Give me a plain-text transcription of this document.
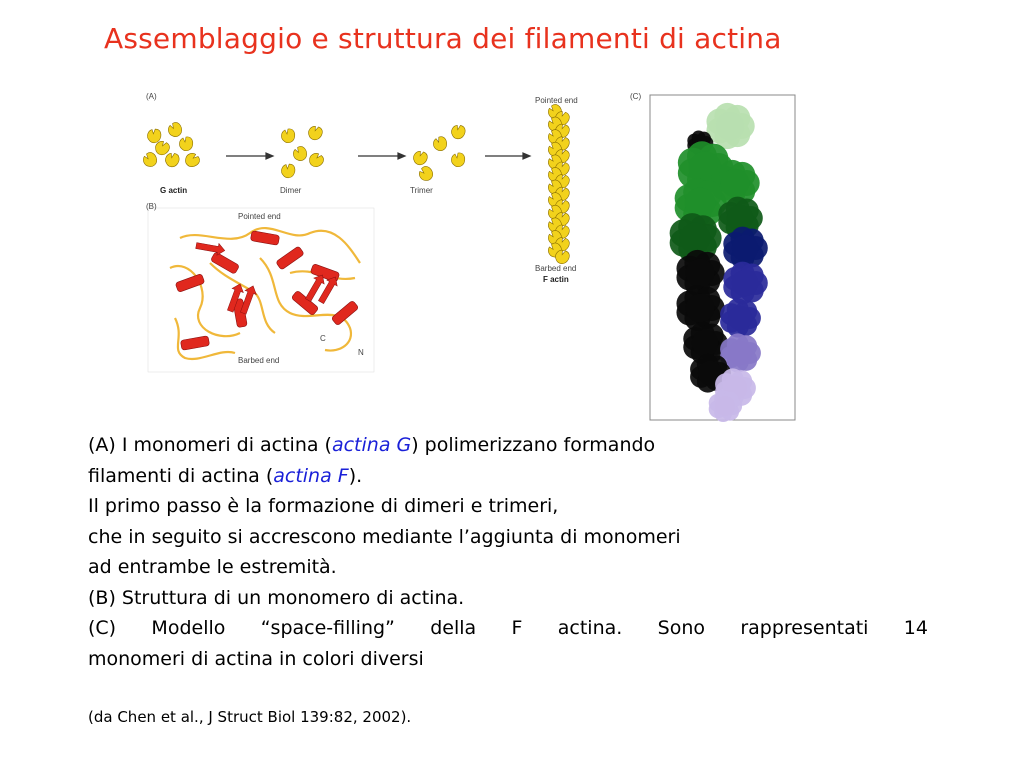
Assemblaggio e struttura dei filamenti di actina
(A)
G actin	Dimer	Trimer
Pointed end
Barbed end
F actin
(B)
Pointed end
Barbed end
C
N
(C)
(A) I monomeri di actina (actina G) polimerizzano formando
filamenti di actina (actina F).
Il primo passo è la formazione di dimeri e trimeri,
che in seguito si accrescono mediante l’aggiunta di monomeri
ad entrambe le estremità.
(B) Struttura di un monomero di actina.
(C) Modello “space-filling” della F actina. Sono rappresentati 14
monomeri di actina in colori diversi
(da Chen et al., J Struct Biol 139:82, 2002).
